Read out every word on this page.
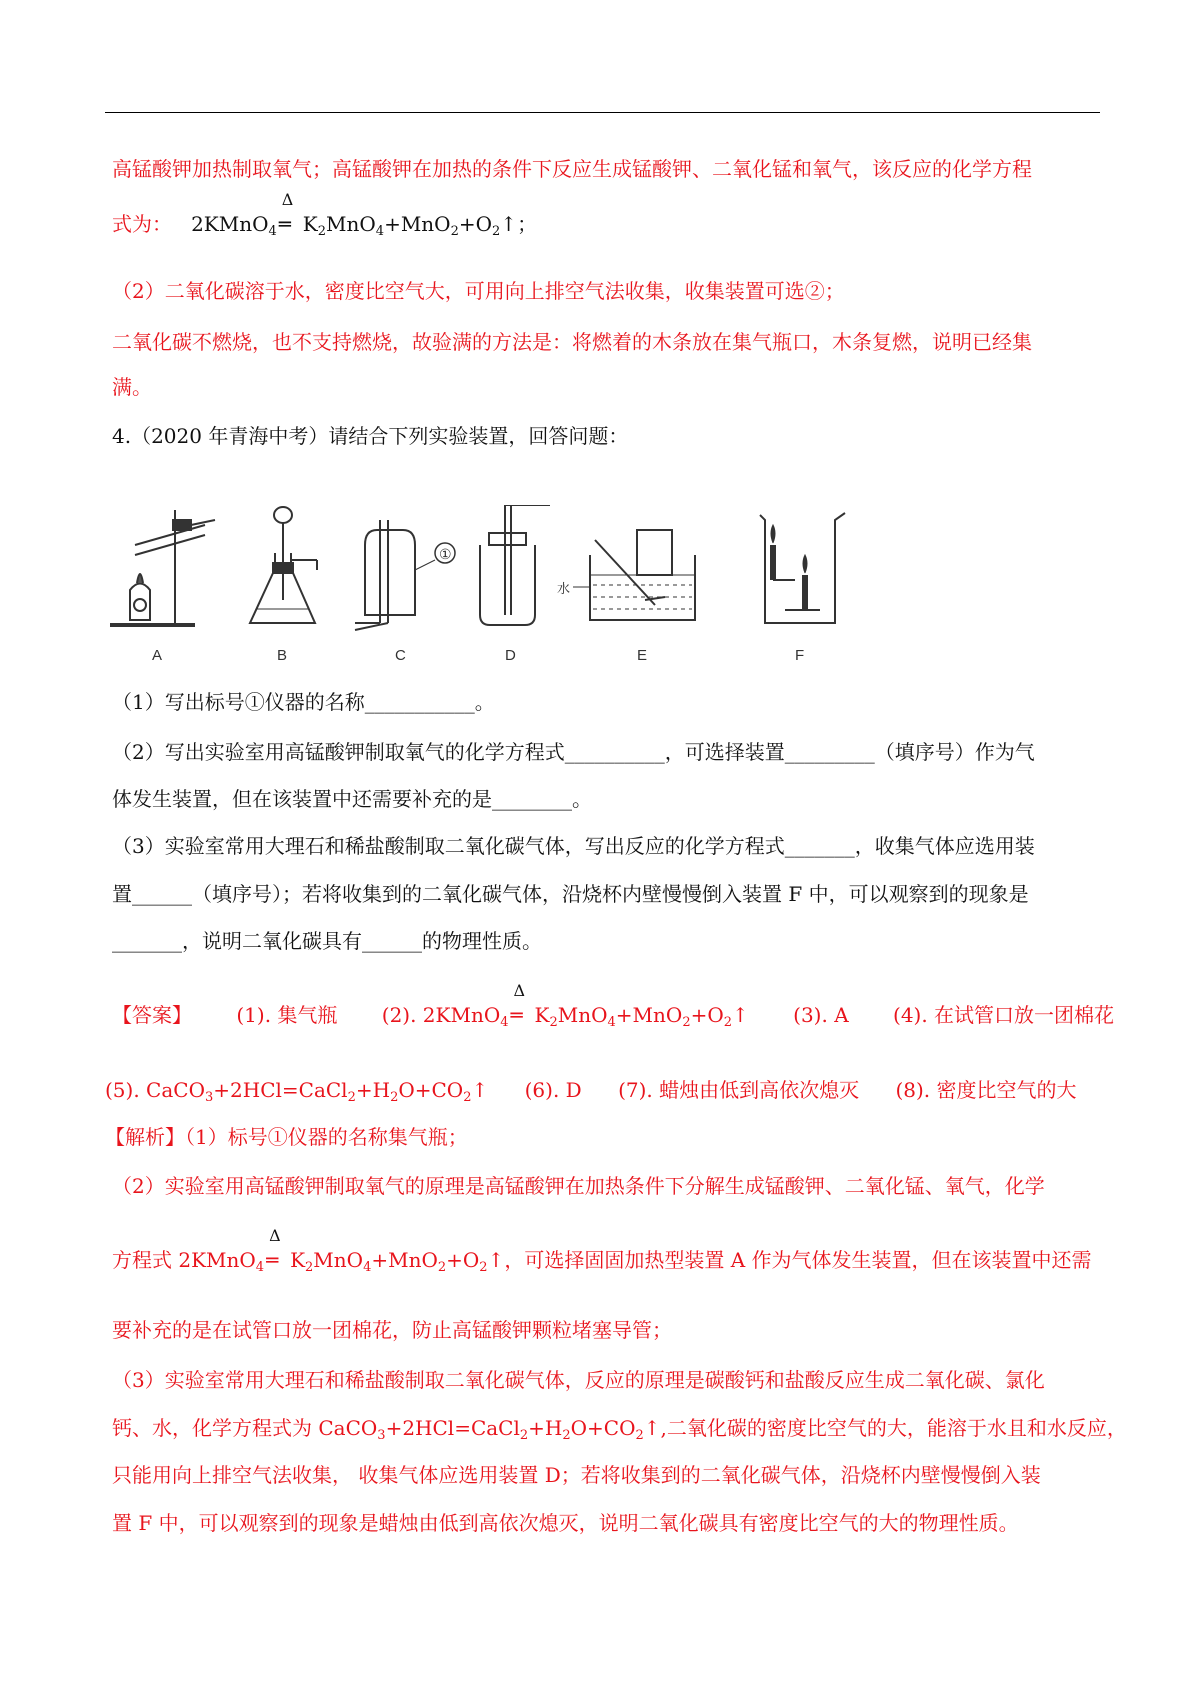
高锰酸钾加热制取氧气；高锰酸钾在加热的条件下反应生成锰酸钾、二氧化锰和氧气，该反应的化学方程
式为： 2KMnO$_4$
Δ
═ $K_2MnO_4+MnO_2+O_2↑$；
（2）二氧化碳溶于水，密度比空气大，可用向上排空气法收集，收集装置可选②；
二氧化碳不燃烧，也不支持燃烧，故验满的方法是：将燃着的木条放在集气瓶口，木条复燃，说明已经集
满。
4.（2020 年青海中考）请结合下列实验装置，回答问题：
A	B	C	D	E	F
①
水
（1）写出标号①仪器的名称___________。
（2）写出实验室用高锰酸钾制取氧气的化学方程式__________，可选择装置_________（填序号）作为气
体发生装置，但在该装置中还需要补充的是________。
（3）实验室常用大理石和稀盐酸制取二氧化碳气体，写出反应的化学方程式_______，收集气体应选用装
置______（填序号）；若将收集到的二氧化碳气体，沿烧杯内壁慢慢倒入装置 F 中，可以观察到的现象是
_______，说明二氧化碳具有______的物理性质。
【答案】 (1). 集气瓶 (2). 2KMnO$_4$
Δ
═ $K_2MnO_4+MnO_2+O_2↑$ (3). A (4). 在试管口放一团棉花
(5). $CaCO_3+2HCl=CaCl_2+H_2O+CO_2↑$ (6). D (7). 蜡烛由低到高依次熄灭 (8). 密度比空气的大
【解析】（1）标号①仪器的名称集气瓶；
（2）实验室用高锰酸钾制取氧气的原理是高锰酸钾在加热条件下分解生成锰酸钾、二氧化锰、氧气，化学
方程式 2KMnO$_4$
Δ
═ $K_2MnO_4+MnO_2+O_2↑$，可选择固固加热型装置 A 作为气体发生装置，但在该装置中还需
要补充的是在试管口放一团棉花，防止高锰酸钾颗粒堵塞导管；
（3）实验室常用大理石和稀盐酸制取二氧化碳气体，反应的原理是碳酸钙和盐酸反应生成二氧化碳、氯化
钙、水，化学方程式为 $CaCO_3+2HCl=CaCl_2+H_2O+CO_2↑$,二氧化碳的密度比空气的大，能溶于水且和水反应，
只能用向上排空气法收集， 收集气体应选用装置 D；若将收集到的二氧化碳气体，沿烧杯内壁慢慢倒入装
置 F 中，可以观察到的现象是蜡烛由低到高依次熄灭，说明二氧化碳具有密度比空气的大的物理性质。
